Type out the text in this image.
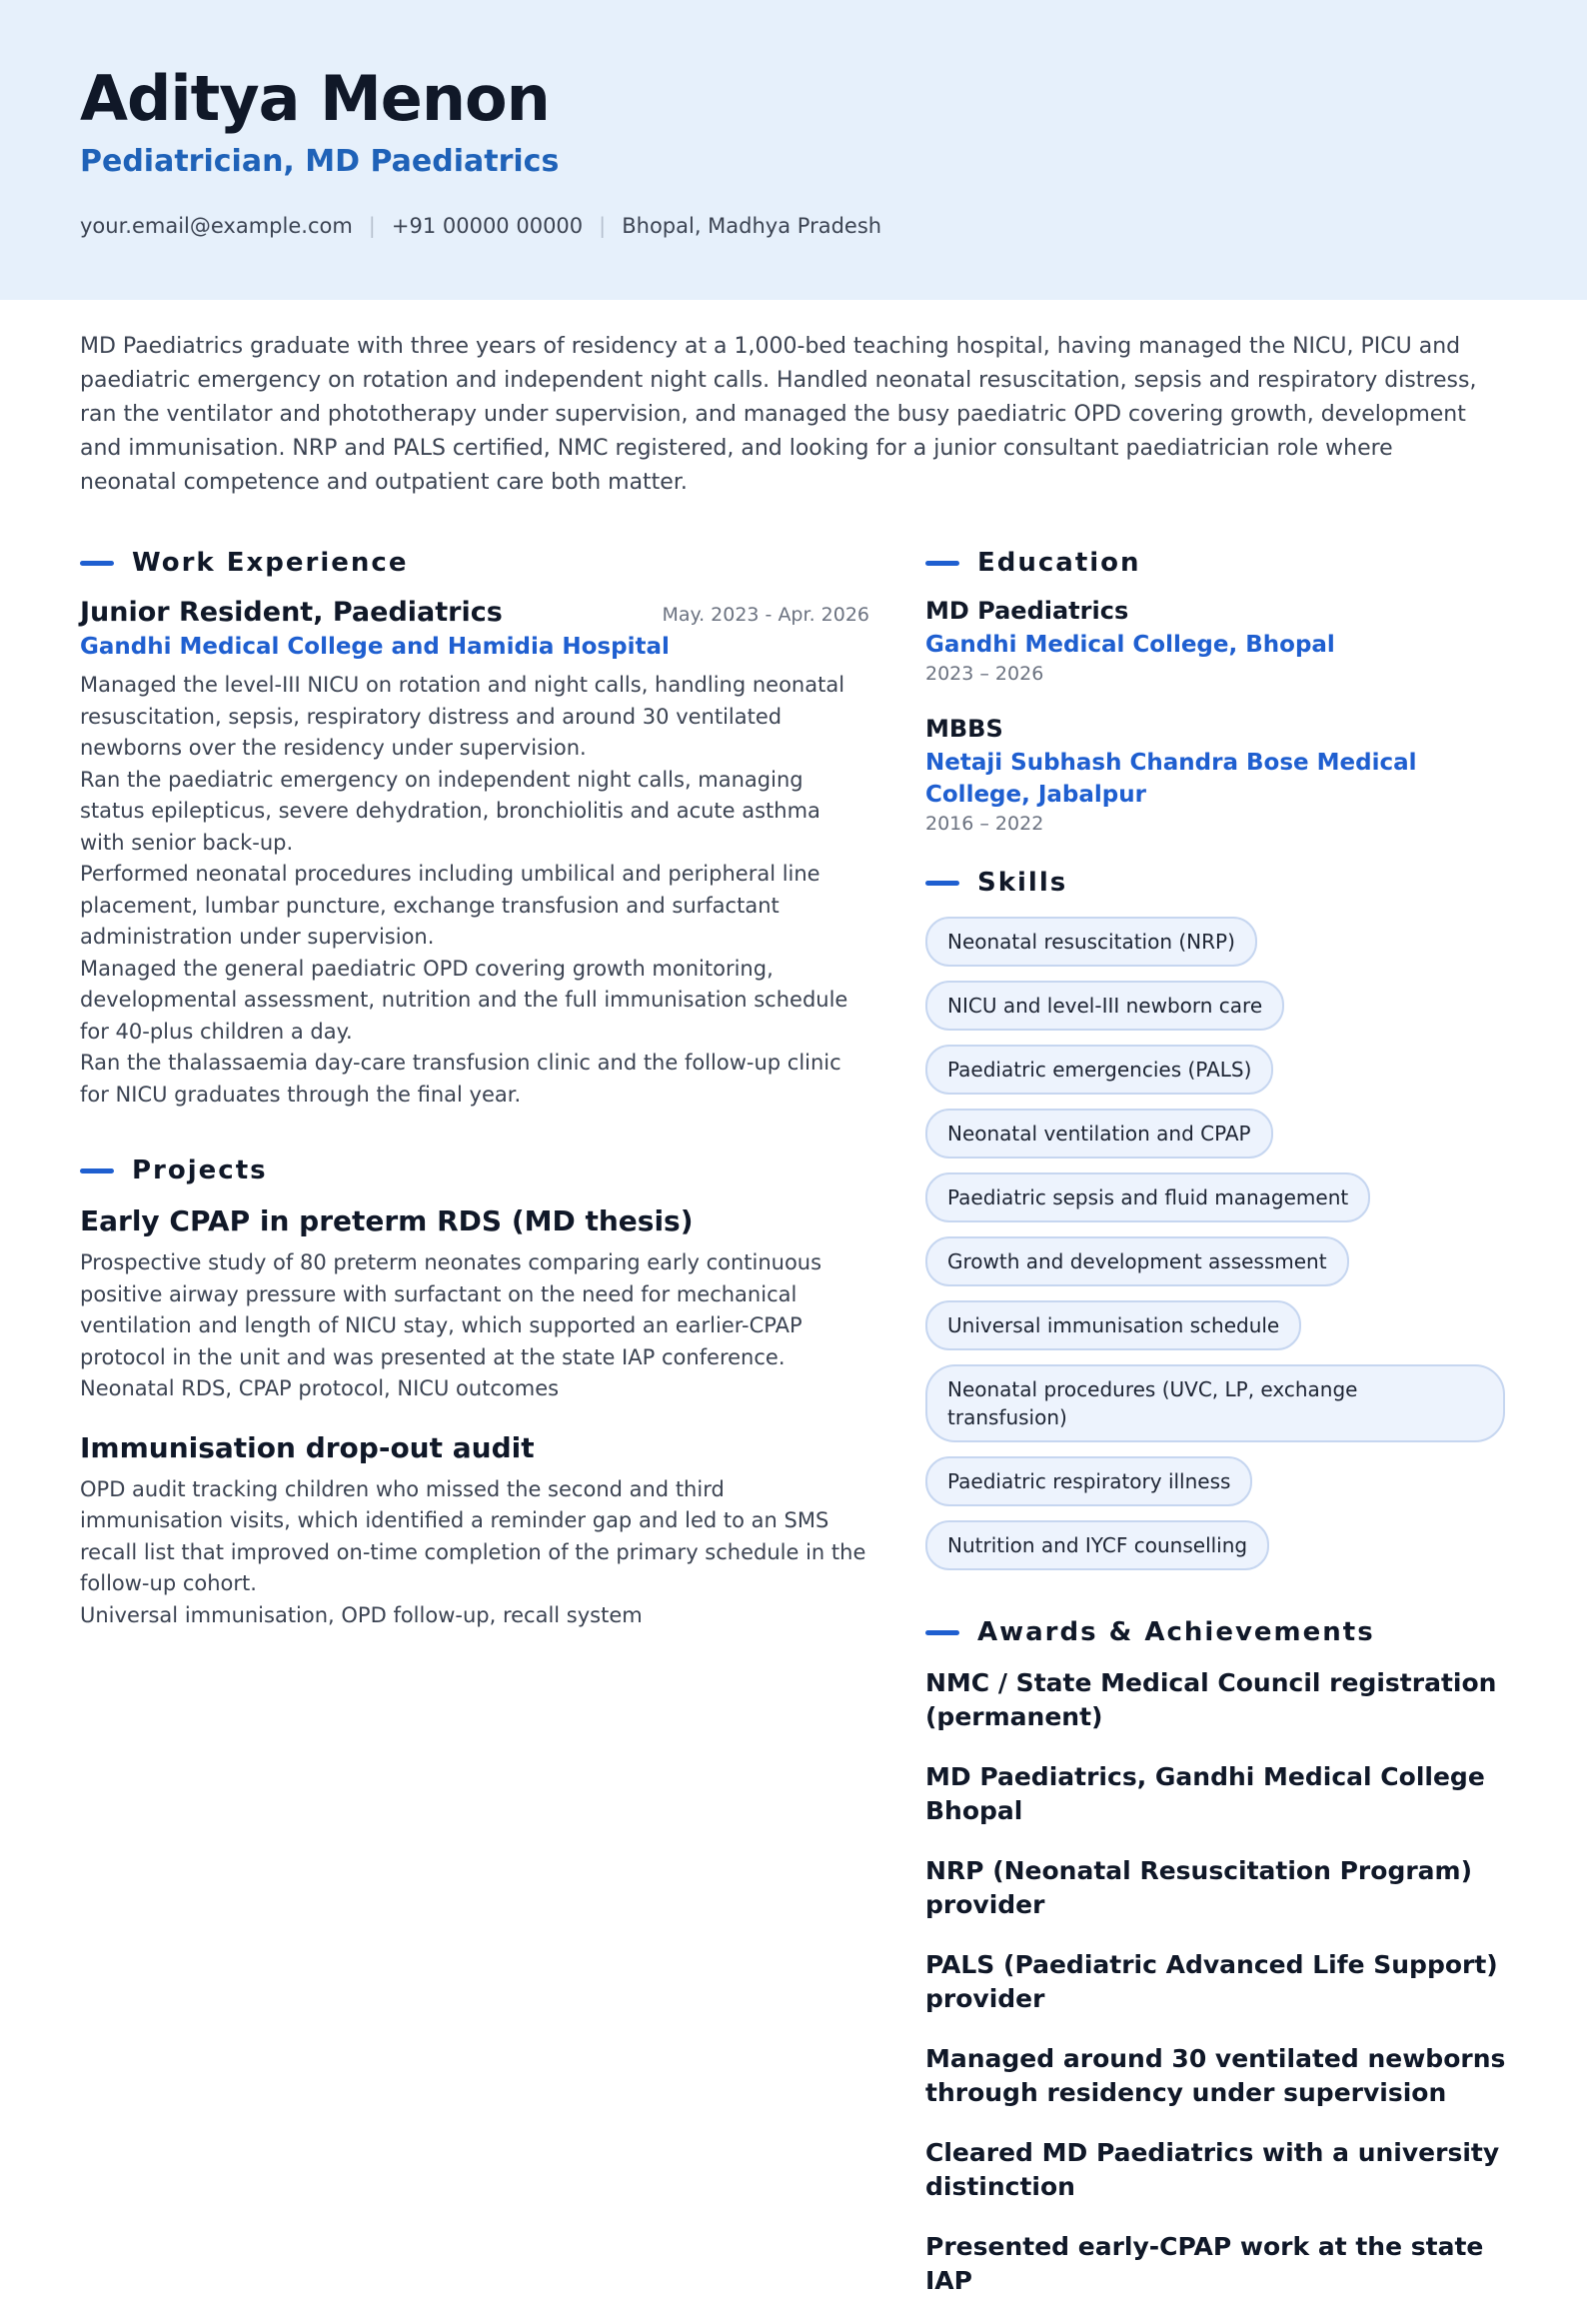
Aditya Menon
Pediatrician, MD Paediatrics
your.email@example.com | +91 00000 00000 | Bhopal, Madhya Pradesh

MD Paediatrics graduate with three years of residency at a 1,000-bed teaching hospital, having managed the NICU, PICU and paediatric emergency on rotation and independent night calls. Handled neonatal resuscitation, sepsis and respiratory distress, ran the ventilator and phototherapy under supervision, and managed the busy paediatric OPD covering growth, development and immunisation. NRP and PALS certified, NMC registered, and looking for a junior consultant paediatrician role where neonatal competence and outpatient care both matter.

Work Experience
Junior Resident, Paediatrics	May. 2023 - Apr. 2026
Gandhi Medical College and Hamidia Hospital
Managed the level-III NICU on rotation and night calls, handling neonatal resuscitation, sepsis, respiratory distress and around 30 ventilated newborns over the residency under supervision.
Ran the paediatric emergency on independent night calls, managing status epilepticus, severe dehydration, bronchiolitis and acute asthma with senior back-up.
Performed neonatal procedures including umbilical and peripheral line placement, lumbar puncture, exchange transfusion and surfactant administration under supervision.
Managed the general paediatric OPD covering growth monitoring, developmental assessment, nutrition and the full immunisation schedule for 40-plus children a day.
Ran the thalassaemia day-care transfusion clinic and the follow-up clinic for NICU graduates through the final year.
Projects
Early CPAP in preterm RDS (MD thesis)

Prospective study of 80 preterm neonates comparing early continuous positive airway pressure with surfactant on the need for mechanical ventilation and length of NICU stay, which supported an earlier-CPAP protocol in the unit and was presented at the state IAP conference.

Neonatal RDS, CPAP protocol, NICU outcomes

Immunisation drop-out audit

OPD audit tracking children who missed the second and third immunisation visits, which identified a reminder gap and led to an SMS recall list that improved on-time completion of the primary schedule in the follow-up cohort.

Universal immunisation, OPD follow-up, recall system

Education
MD Paediatrics
Gandhi Medical College, Bhopal
2023 – 2026
MBBS
Netaji Subhash Chandra Bose Medical College, Jabalpur
2016 – 2022
Skills
Neonatal resuscitation (NRP)
NICU and level-III newborn care
Paediatric emergencies (PALS)
Neonatal ventilation and CPAP
Paediatric sepsis and fluid management
Growth and development assessment
Universal immunisation schedule
Neonatal procedures (UVC, LP, exchange transfusion)
Paediatric respiratory illness
Nutrition and IYCF counselling
Awards & Achievements

NMC / State Medical Council registration (permanent)

MD Paediatrics, Gandhi Medical College Bhopal

NRP (Neonatal Resuscitation Program) provider

PALS (Paediatric Advanced Life Support) provider

Managed around 30 ventilated newborns through residency under supervision

Cleared MD Paediatrics with a university distinction

Presented early-CPAP work at the state IAP
